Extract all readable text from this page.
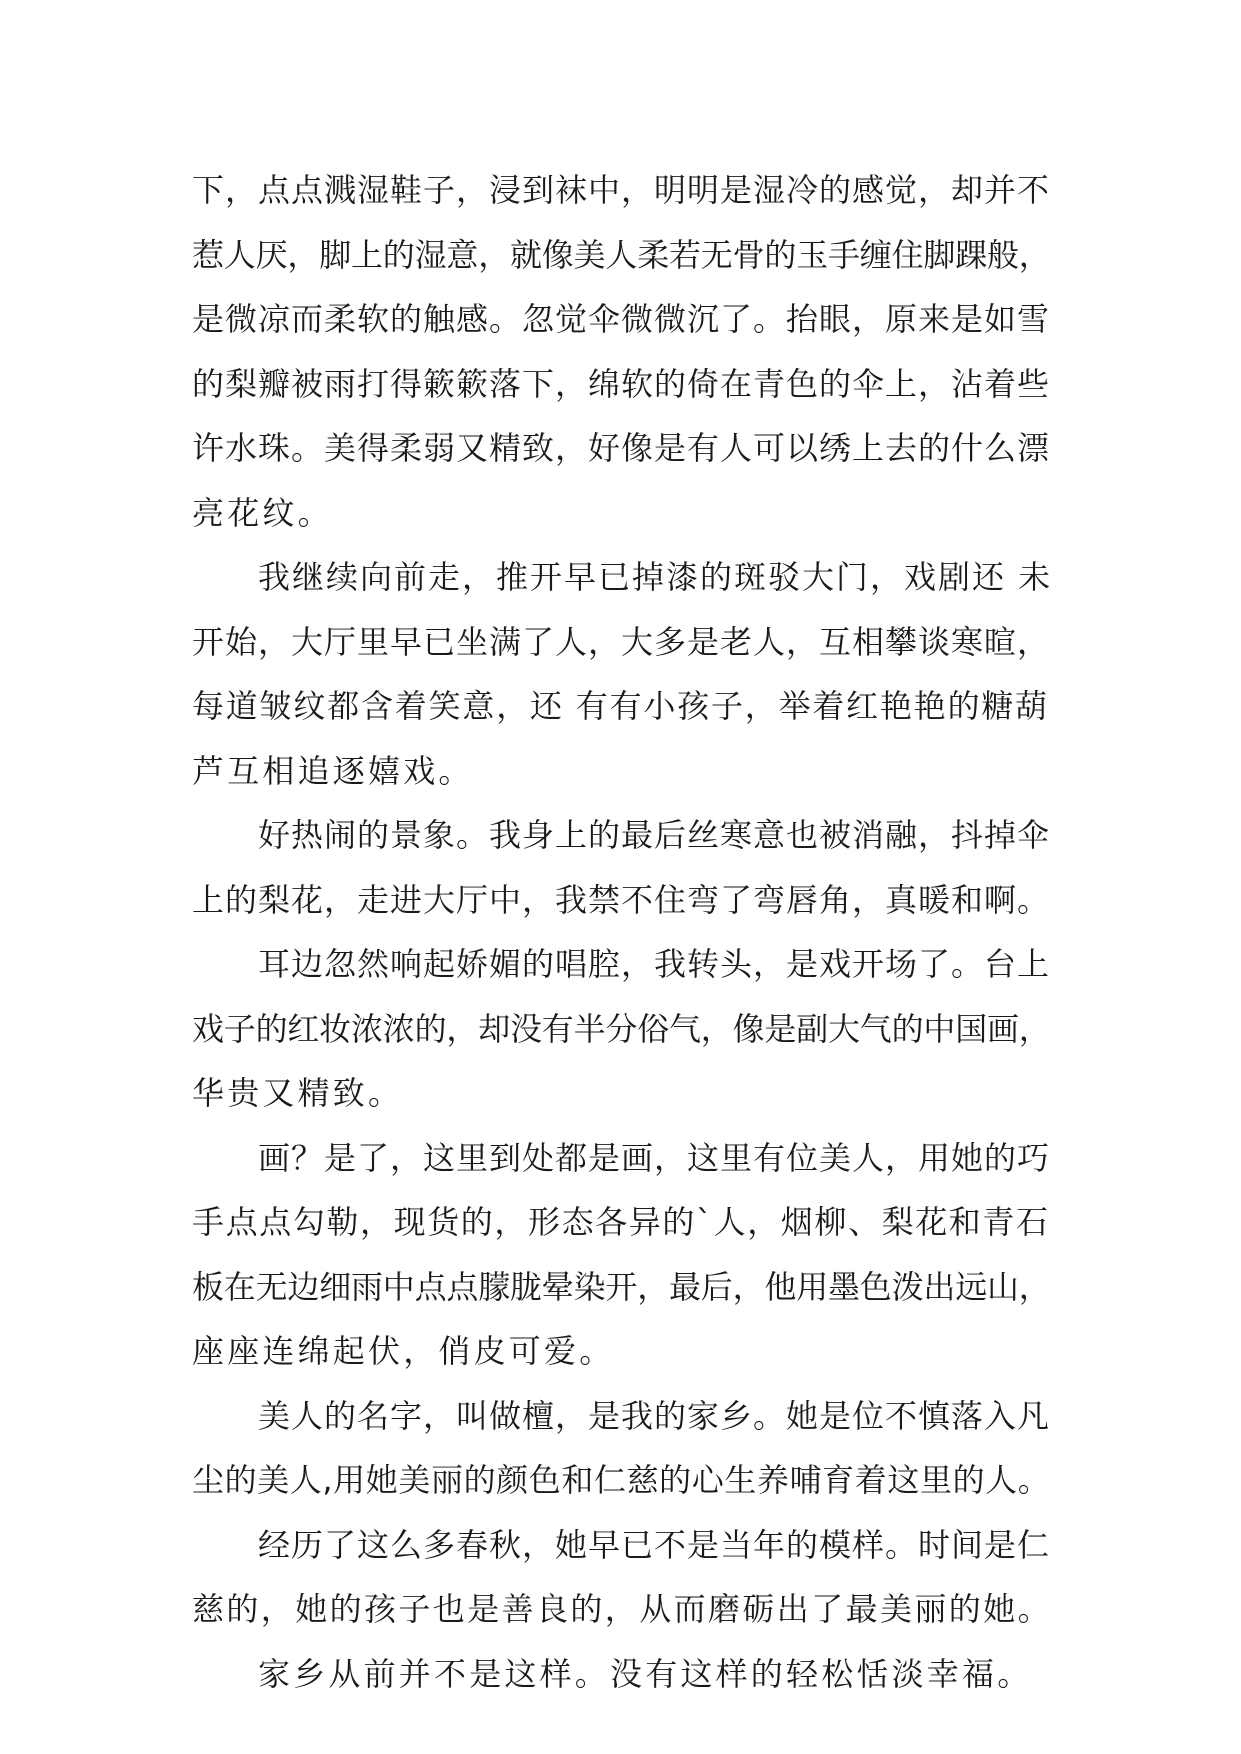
下，点点溅湿鞋子，浸到袜中，明明是湿冷的感觉，却并不
惹人厌，脚上的湿意，就像美人柔若无骨的玉手缠住脚踝般，
是微凉而柔软的触感。忽觉伞微微沉了。抬眼，原来是如雪
的梨瓣被雨打得簌簌落下，绵软的倚在青色的伞上，沾着些
许水珠。美得柔弱又精致，好像是有人可以绣上去的什么漂
亮花纹。
我继续向前走，推开早已掉漆的斑驳大门，戏剧还 未
开始，大厅里早已坐满了人，大多是老人，互相攀谈寒暄，
每道皱纹都含着笑意，还 有有小孩子，举着红艳艳的糖葫
芦互相追逐嬉戏。
好热闹的景象。我身上的最后丝寒意也被消融，抖掉伞
上的梨花，走进大厅中，我禁不住弯了弯唇角，真暖和啊。
耳边忽然响起娇媚的唱腔，我转头，是戏开场了。台上
戏子的红妆浓浓的，却没有半分俗气，像是副大气的中国画，
华贵又精致。
画？是了，这里到处都是画，这里有位美人，用她的巧
手点点勾勒，现货的，形态各异的`人，烟柳、梨花和青石
板在无边细雨中点点朦胧晕染开，最后，他用墨色泼出远山，
座座连绵起伏，俏皮可爱。
美人的名字，叫做檀，是我的家乡。她是位不慎落入凡
尘的美人,用她美丽的颜色和仁慈的心生养哺育着这里的人。
经历了这么多春秋，她早已不是当年的模样。时间是仁
慈的，她的孩子也是善良的，从而磨砺出了最美丽的她。
家乡从前并不是这样。没有这样的轻松恬淡幸福。
